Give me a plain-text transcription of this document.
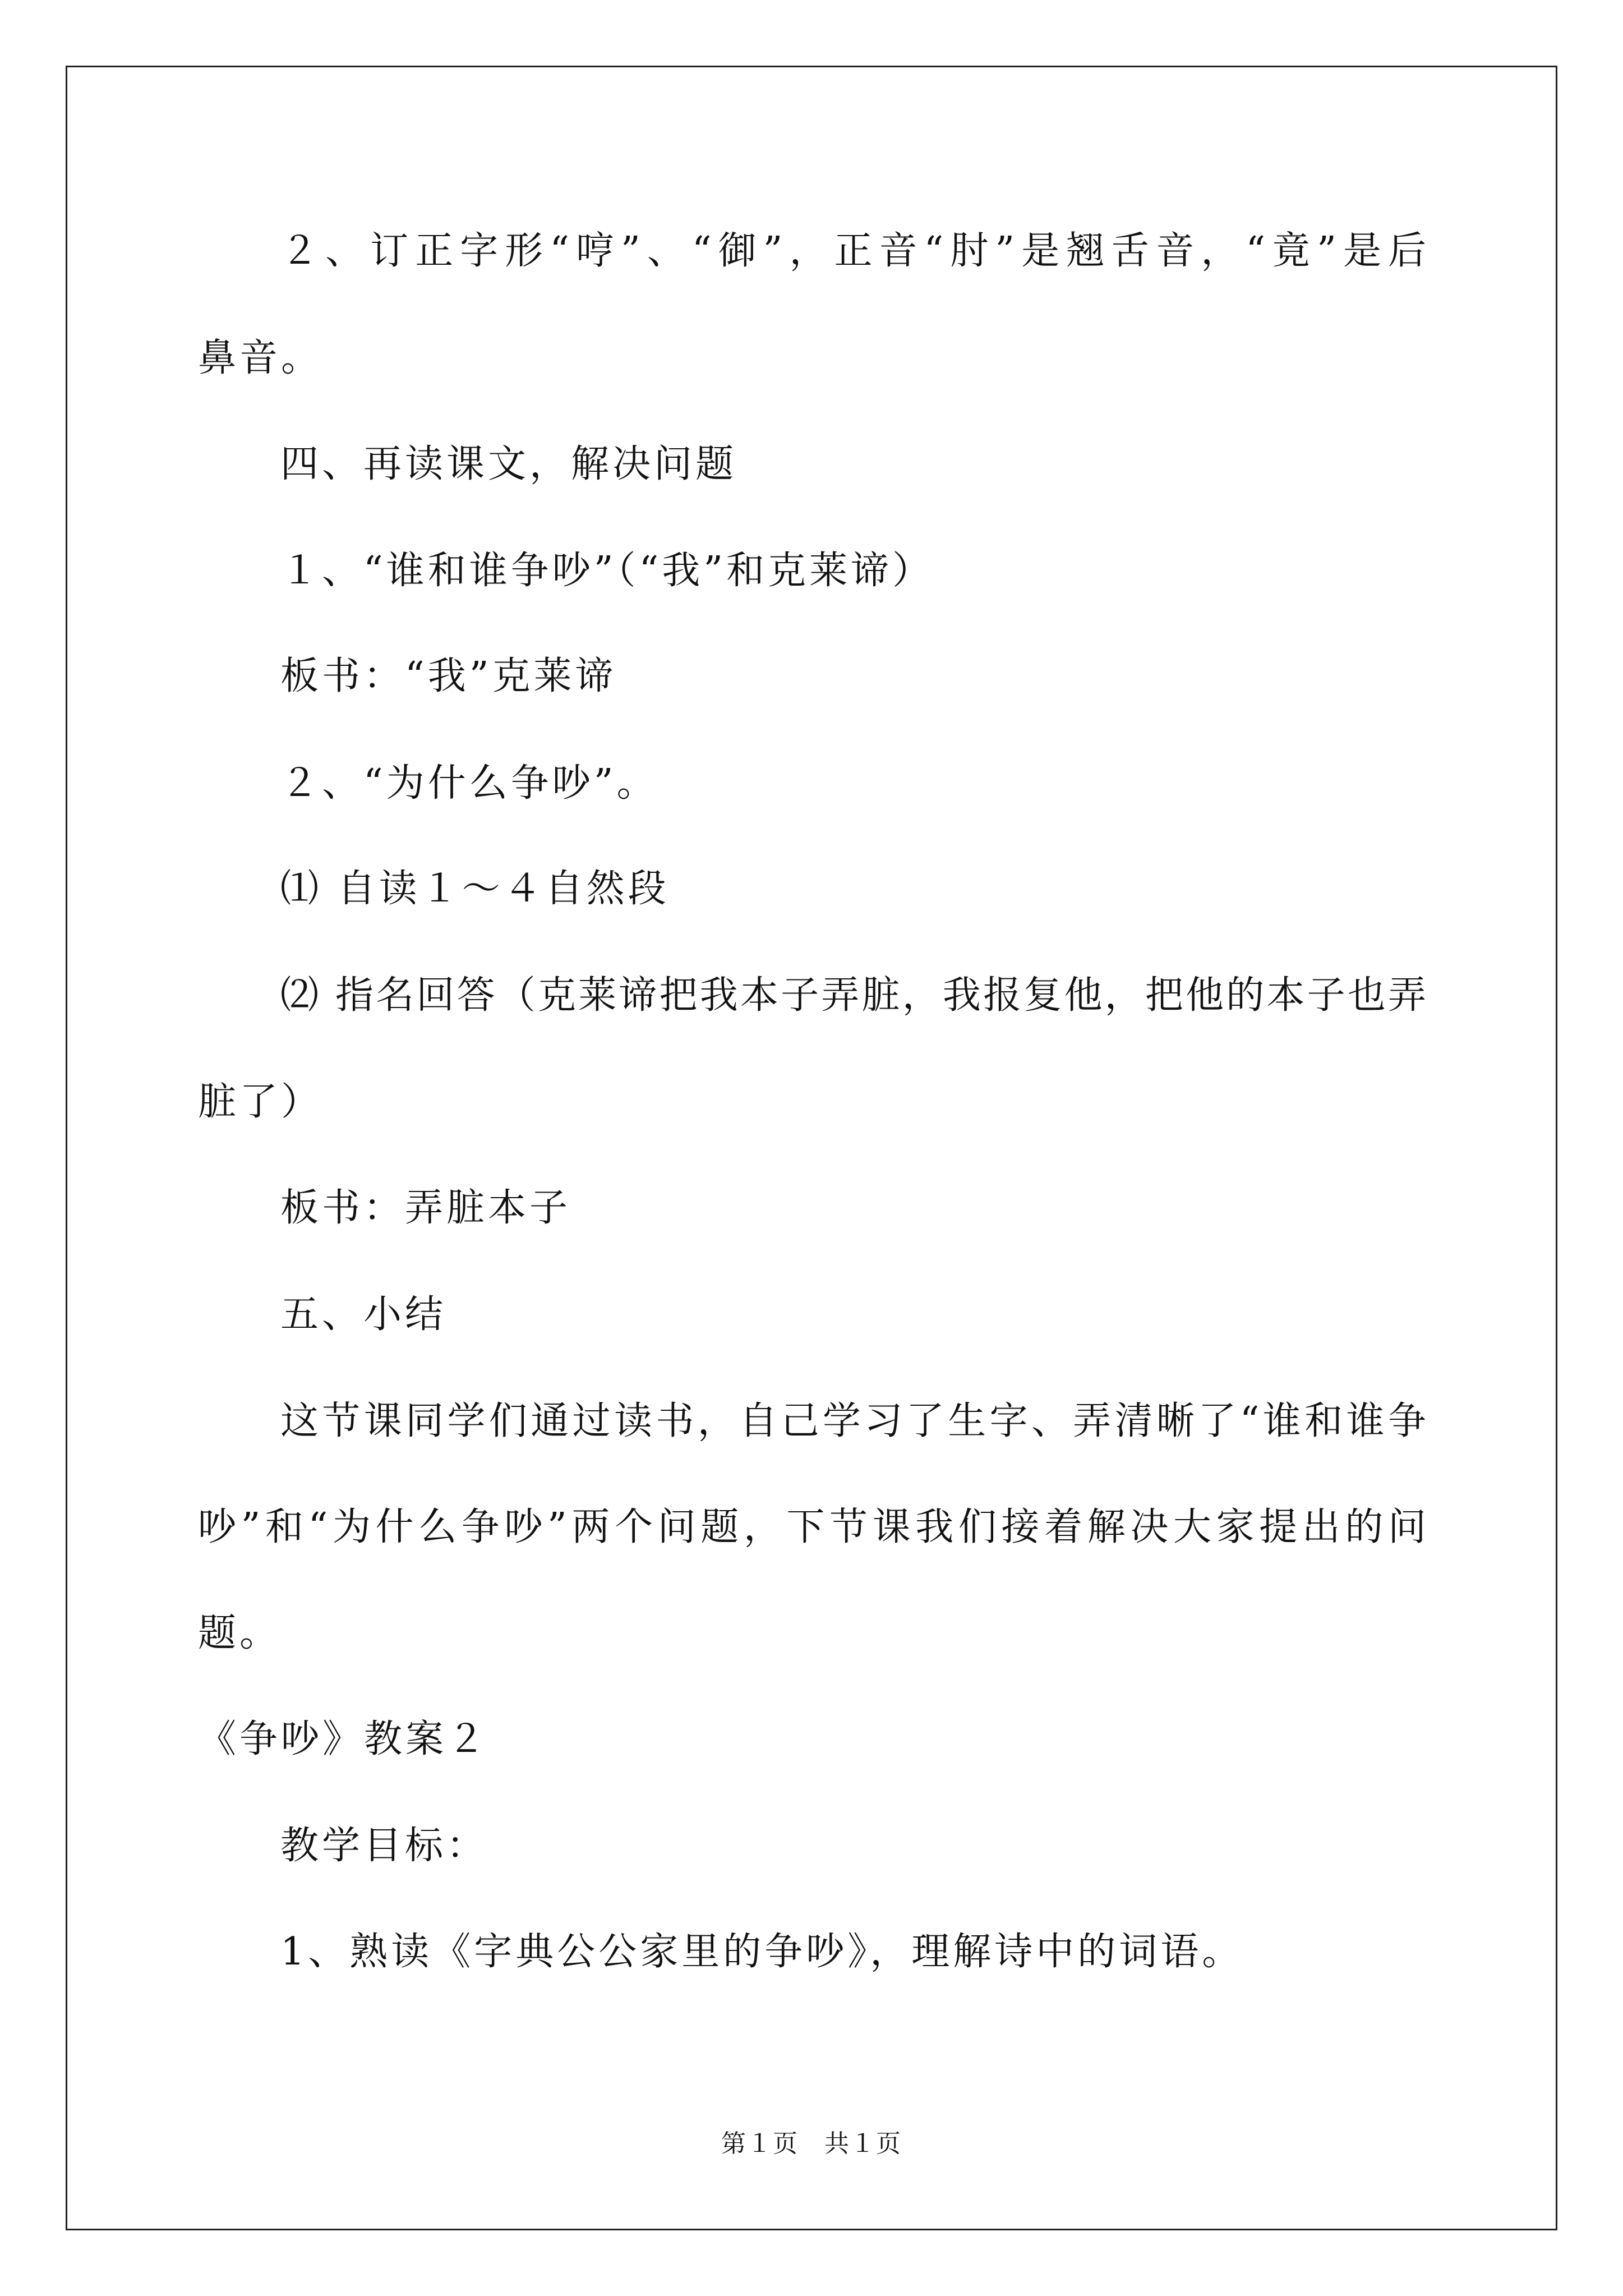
２、订正字形“哼”、“御”，正音“肘”是翘舌音，“竟”是后
鼻音。
四、再读课文，解决问题
１、“谁和谁争吵”（“我”和克莱谛）
板书：“我”克莱谛
２、“为什么争吵”。
⑴ 自读１～４自然段
⑵ 指名回答（克莱谛把我本子弄脏，我报复他，把他的本子也弄
脏了）
板书：弄脏本子
五、小结
这节课同学们通过读书，自己学习了生字、弄清晰了“谁和谁争
吵”和“为什么争吵”两个问题，下节课我们接着解决大家提出的问
题。
《争吵》教案２
教学目标：
1、熟读《字典公公家里的争吵》，理解诗中的词语。
第１页　共１页
